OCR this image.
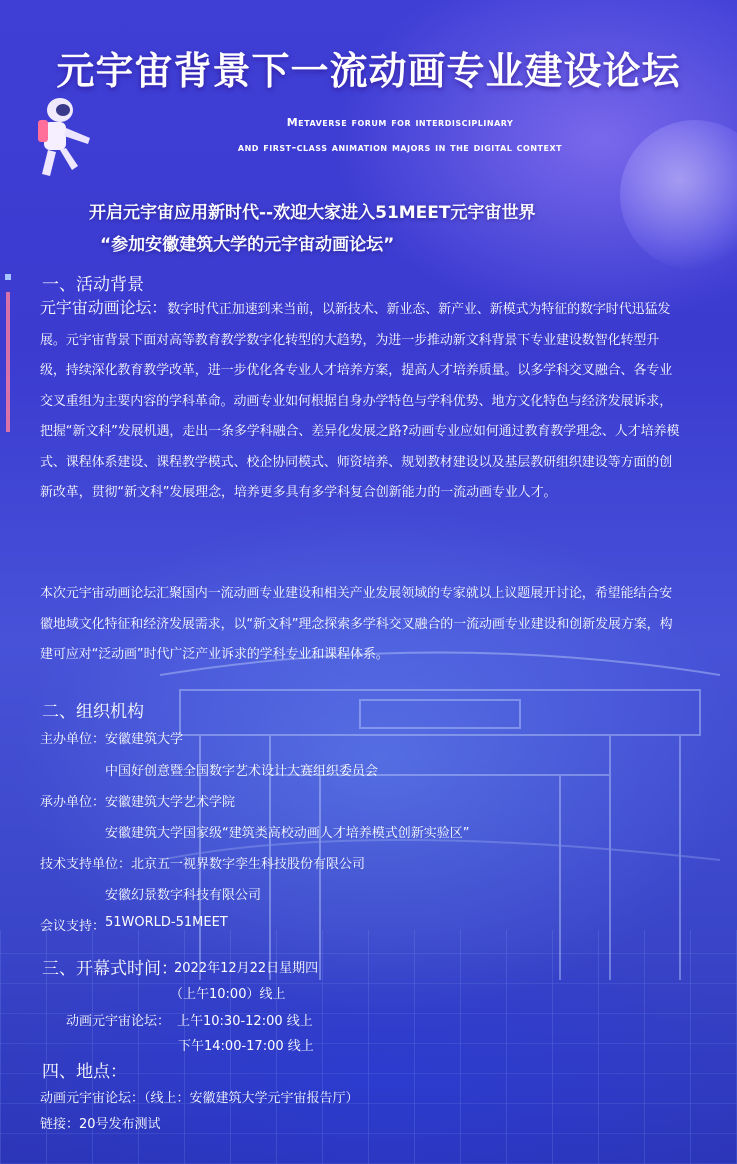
元宇宙背景下一流动画专业建设论坛
Metaverse forum for interdisciplinary
and first-class animation majors in the digital context
开启元宇宙应用新时代--欢迎大家进入51MEET元宇宙世界
“参加安徽建筑大学的元宇宙动画论坛”
一、活动背景
元宇宙动画论坛：数字时代正加速到来当前，以新技术、新业态、新产业、新模式为特征的数字时代迅猛发展。元宇宙背景下面对高等教育教学数字化转型的大趋势，为进一步推动新文科背景下专业建设数智化转型升级，持续深化教育教学改革，进一步优化各专业人才培养方案，提高人才培养质量。以多学科交叉融合、各专业交叉重组为主要内容的学科革命。动画专业如何根据自身办学特色与学科优势、地方文化特色与经济发展诉求，把握“新文科”发展机遇，走出一条多学科融合、差异化发展之路?动画专业应如何通过教育教学理念、人才培养模式、课程体系建设、课程教学模式、校企协同模式、师资培养、规划教材建设以及基层教研组织建设等方面的创新改革，贯彻“新文科”发展理念，培养更多具有多学科复合创新能力的一流动画专业人才。
本次元宇宙动画论坛汇聚国内一流动画专业建设和相关产业发展领域的专家就以上议题展开讨论，希望能结合安徽地域文化特征和经济发展需求，以“新文科”理念探索多学科交叉融合的一流动画专业建设和创新发展方案，构建可应对“泛动画”时代广泛产业诉求的学科专业和课程体系。
二、组织机构
主办单位： 安徽建筑大学
中国好创意暨全国数字艺术设计大赛组织委员会
承办单位： 安徽建筑大学艺术学院
安徽建筑大学国家级“建筑类高校动画人才培养模式创新实验区”
技术支持单位： 北京五一视界数字孪生科技股份有限公司
安徽幻景数字科技有限公司
会议支持： 51WORLD-51MEET
三、开幕式时间：
2022年12月22日星期四
（上午10:00）线上
动画元宇宙论坛： 上午10:30-12:00 线上
下午14:00-17:00 线上
四、地点：
动画元宇宙论坛：（线上：安徽建筑大学元宇宙报告厅）
链接：20号发布测试
